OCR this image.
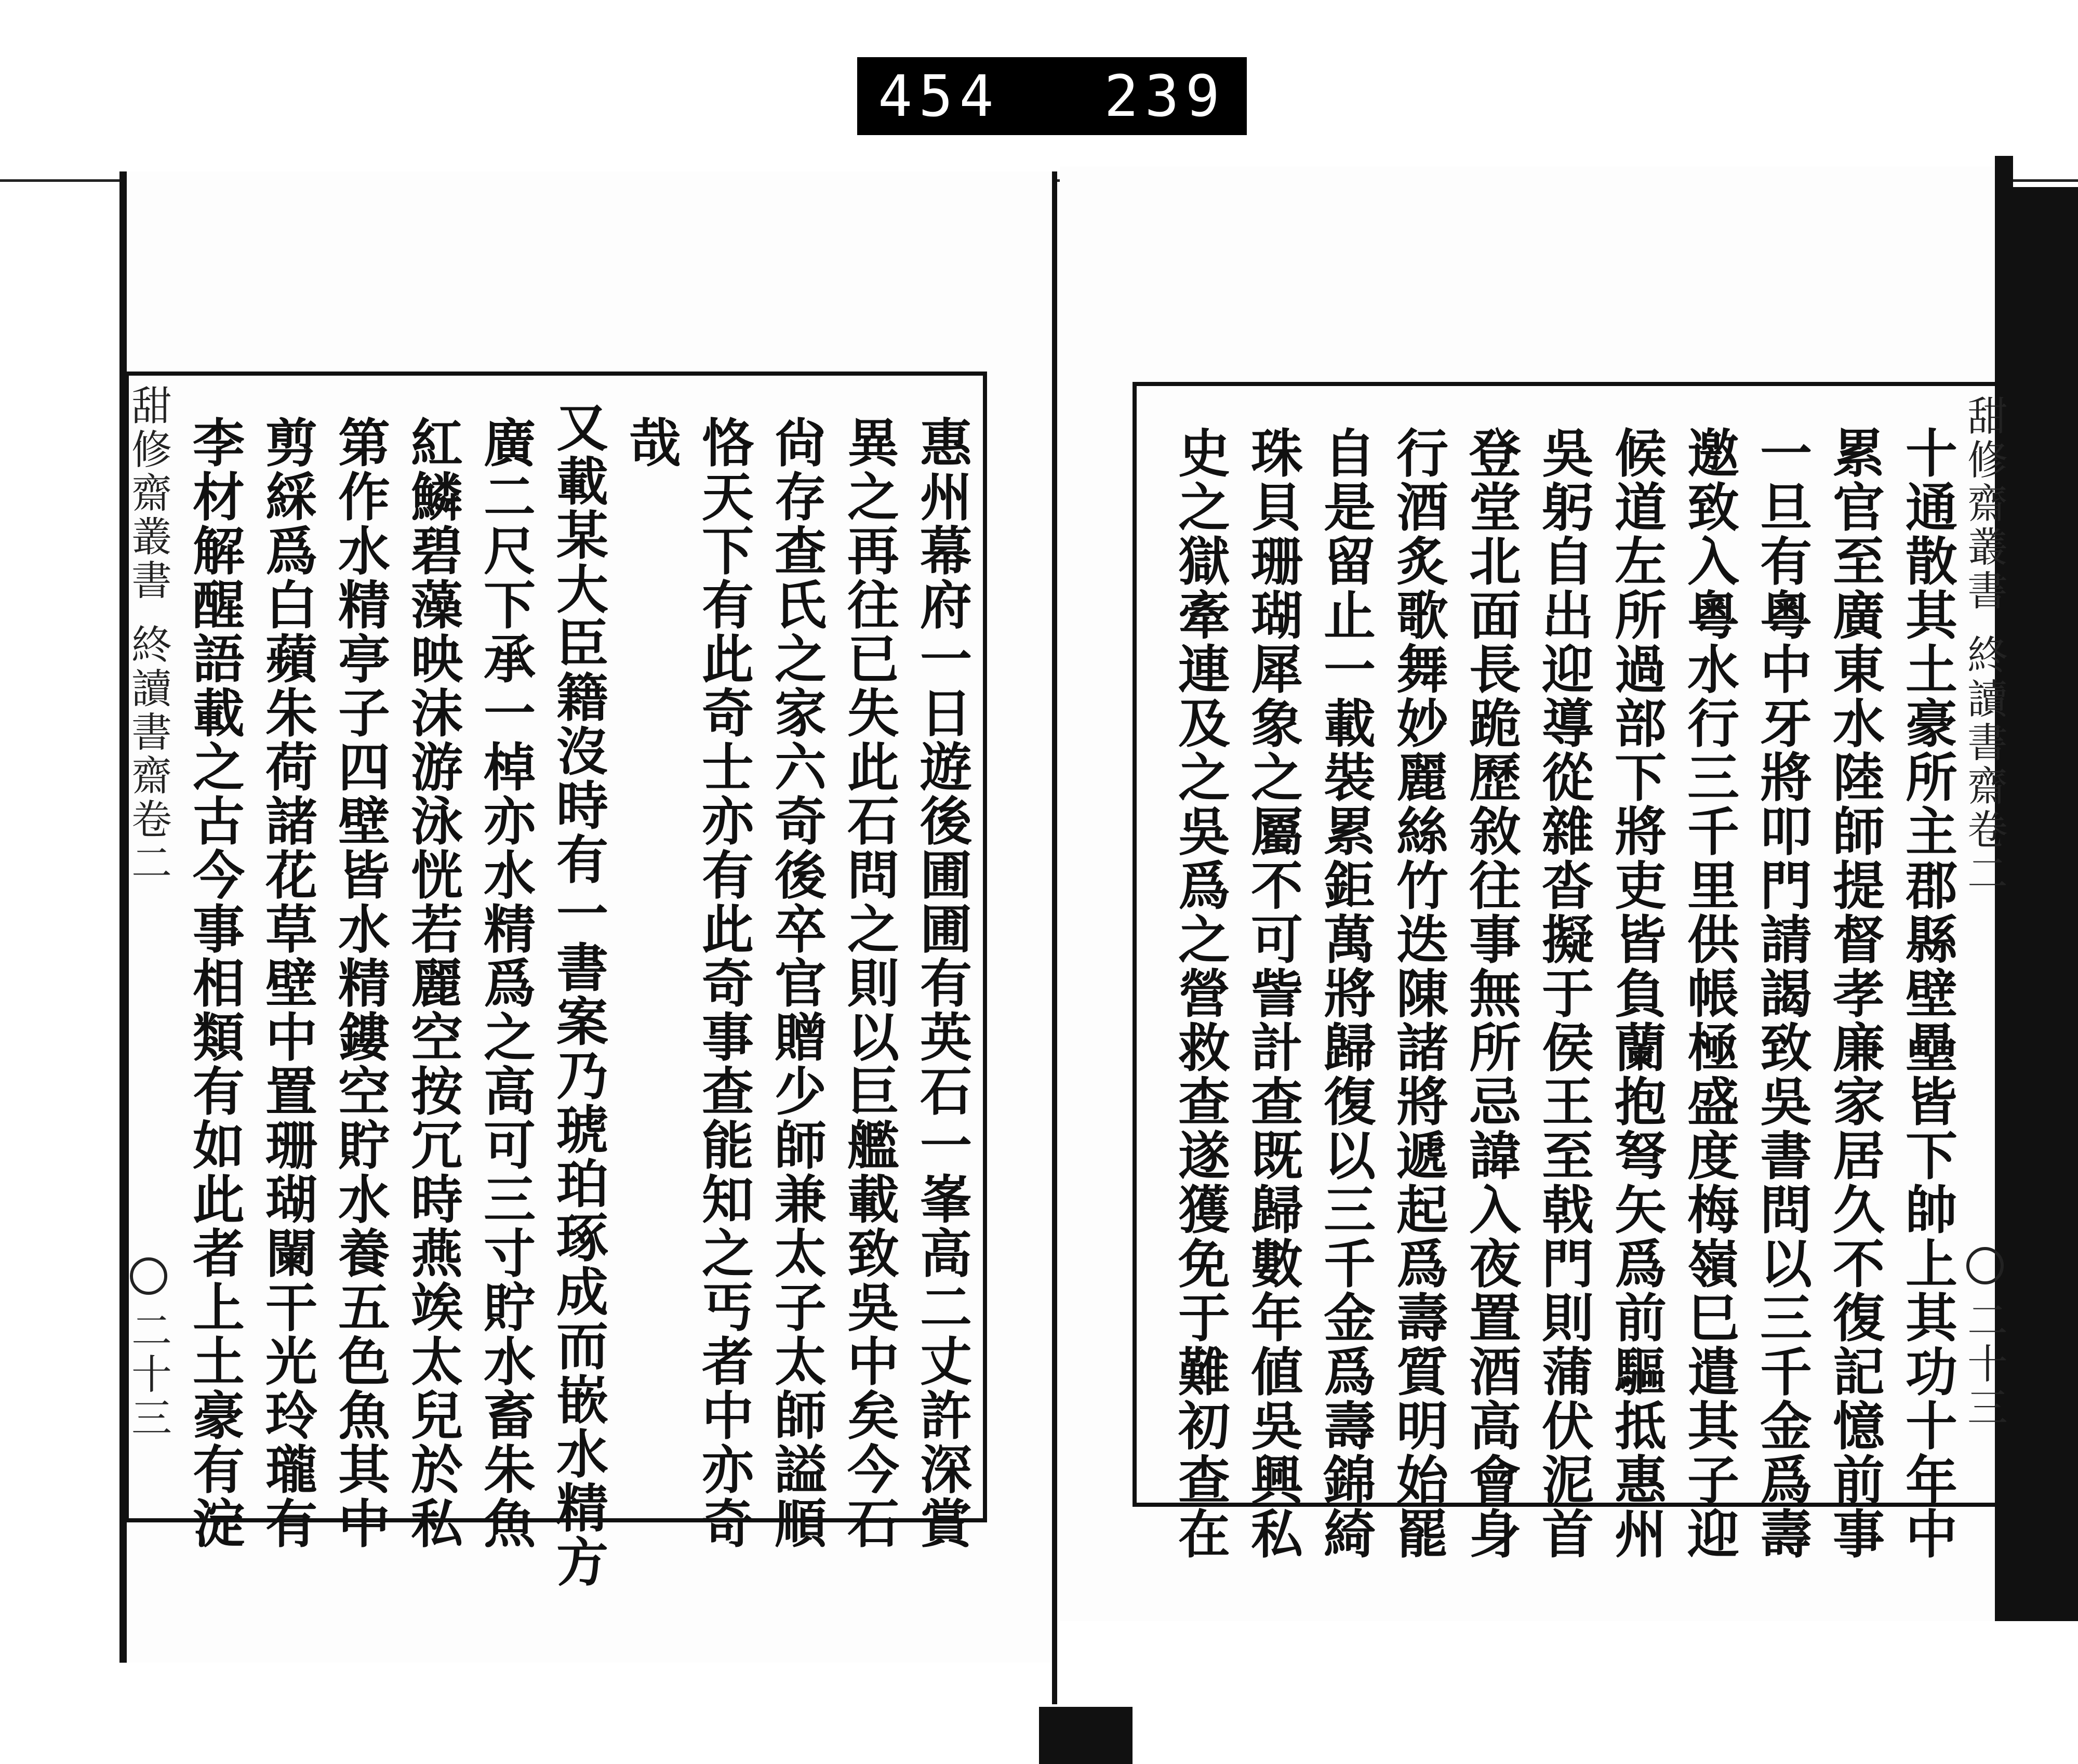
454 239
甜修齋叢書終讀書齋卷二
二十三	惠州幕府一日遊後圃圃有英石一峯高二丈許深賞
異之再往已失此石問之則以巨艦載致吳中矣今石
尙存查氏之家六奇後卒官贈少師兼太子太師謚順
恪天下有此奇士亦有此奇事查能知之丐者中亦奇
哉
又載某大臣籍沒時有一書案乃琥珀琢成而嵌水精方
廣二尺下承一棹亦水精爲之高可三寸貯水畜朱魚
紅鱗碧藻映沫游泳恍若麗空按冗時燕竢太兒於私
第作水精亭子四壁皆水精鏤空貯水養五色魚其中
剪綵爲白蘋朱荷諸花草壁中置珊瑚闌干光玲瓏有
李材解醒語載之古今事相類有如此者上土豪有淀	甜修齋叢書終讀書齋卷二
二十三
十通散其土豪所主郡縣壁壘皆下帥上其功十年中
累官至廣東水陸師提督孝廉家居久不復記憶前事
一旦有粵中牙將叩門請謁致吳書問以三千金爲壽
邀致入粵水行三千里供帳極盛度梅嶺巳遣其子迎
候道左所過部下將吏皆負蘭抱弩矢爲前驅抵惠州
吳躬自出迎導從雜沓擬于侯王至戟門則蒲伏泥首
登堂北面長跪歷敘往事無所忌諱入夜置酒高會身
行酒炙歌舞妙麗絲竹迭陳諸將遞起爲壽質明始罷
自是留止一載裝累鉅萬將歸復以三千金爲壽錦綺
珠貝珊瑚犀象之屬不可訾計查既歸數年値吳興私
史之獄牽連及之吳爲之營救查遂獲免于難初查在
